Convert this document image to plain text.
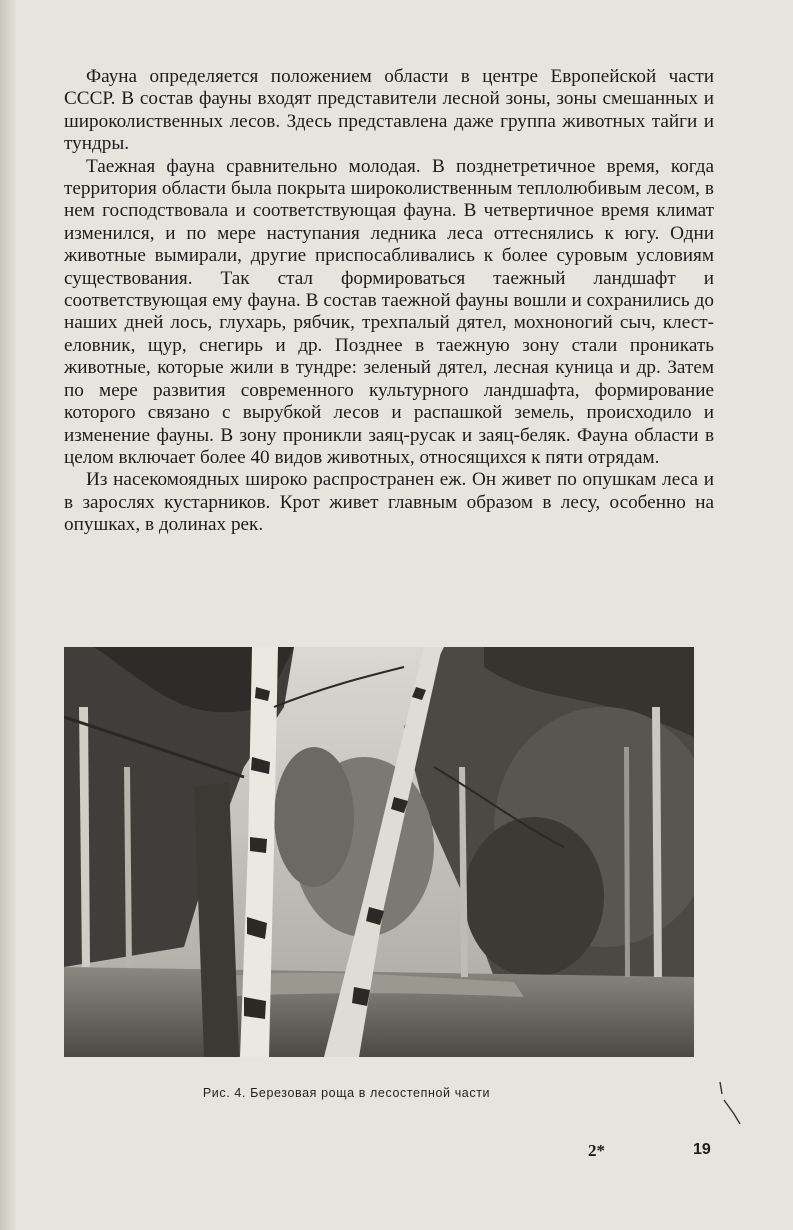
Фауна определяется положением области в центре Европейской части СССР. В состав фауны входят представители лесной зоны, зоны смешанных и широколиственных лесов. Здесь представлена даже группа животных тайги и тундры.

Таежная фауна сравнительно молодая. В позднетретичное время, когда территория области была покрыта широколиственным теплолюбивым лесом, в нем господствовала и соответствующая фауна. В четвертичное время климат изменился, и по мере наступания ледника леса оттеснялись к югу. Одни животные вымирали, другие приспосабливались к более суровым условиям существования. Так стал формироваться таежный ландшафт и соответствующая ему фауна. В состав таежной фауны вошли и сохранились до наших дней лось, глухарь, рябчик, трехпалый дятел, мохноногий сыч, клест-еловник, щур, снегирь и др. Позднее в таежную зону стали проникать животные, которые жили в тундре: зеленый дятел, лесная куница и др. Затем по мере развития современного культурного ландшафта, формирование которого связано с вырубкой лесов и распашкой земель, происходило и изменение фауны. В зону проникли заяц-русак и заяц-беляк. Фауна области в целом включает более 40 видов животных, относящихся к пяти отрядам.

Из насекомоядных широко распространен еж. Он живет по опушкам леса и в зарослях кустарников. Крот живет главным образом в лесу, особенно на опушках, в долинах рек.

Рис. 4. Березовая роща в лесостепной части
2*	19
